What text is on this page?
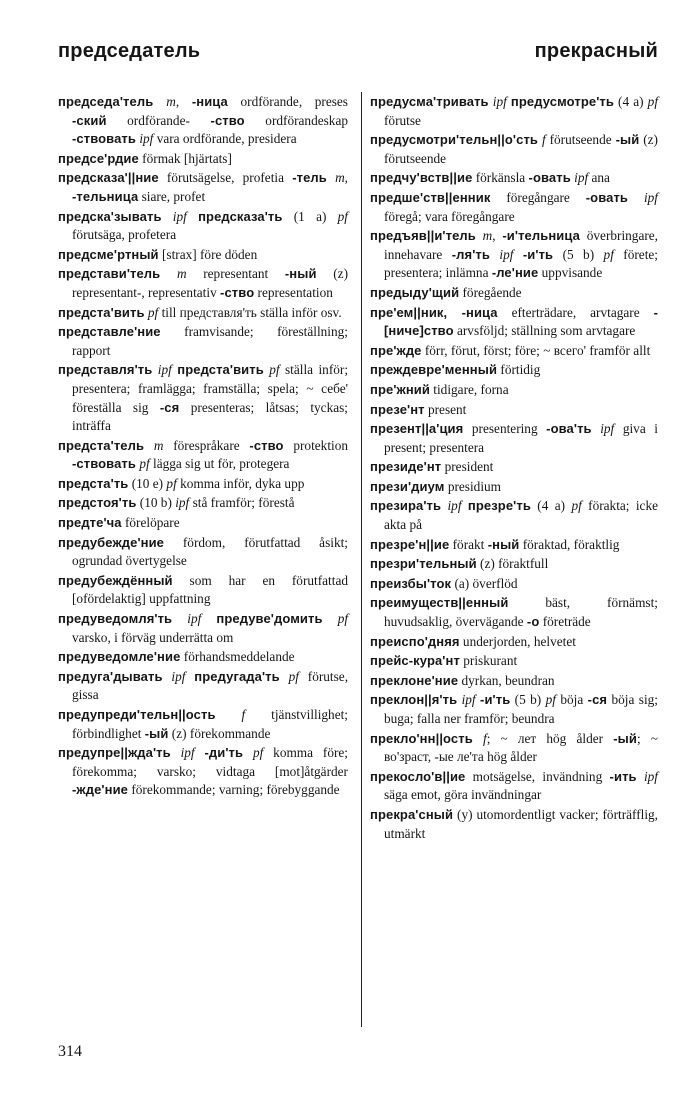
председатель	прекрасный
председа'тель m, -ница ordförande, preses -ский ordförande- -ство ordförandeskap -ствовать ipf vara ordförande, presidera
предсе'рдие förmak [hjärtats]
предсказа'||ние förutsägelse, profetia -тель m, -тельница siare, profet
предска'зывать ipf предсказа'ть (1 a) pf förutsäga, profetera
предсме'ртный [strax] före döden
представи'тель m representant -ный (z) representant-, representativ -ство representation
предста'вить pf till представля'ть ställa inför osv.
представле'ние framvisande; föreställning; rapport
представля'ть ipf предста'вить pf ställa inför; presentera; framlägga; framställa; spela; ~ себе' föreställa sig -ся presenteras; låtsas; tyckas; inträffa
предста'тель m förespråkare -ство protektion -ствовать pf lägga sig ut för, protegera
предста'ть (10 e) pf komma inför, dyka upp
предстоя'ть (10 b) ipf stå framför; förestå
предте'ча förelöpare
предубежде'ние fördom, förutfattad åsikt; ogrundad övertygelse
предубеждённый som har en förutfattad [ofördelaktig] uppfattning
предуведомля'ть ipf предуве'домить pf varsko, i förväg underrätta om
предуведомле'ние förhandsmeddelande
предуга'дывать ipf предугада'ть pf förutse, gissa
предупреди'тельн||ость f tjänstvillighet; förbindlighet -ый (z) förekommande
предупре||жда'ть ipf -ди'ть pf komma före; förekomma; varsko; vidtaga [mot]åtgärder -жде'ние förekommande; varning; förebyggande
предусма'тривать ipf предусмотре'ть (4 a) pf förutse
предусмотри'тельн||о'сть f förutseende -ый (z) förutseende
предчу'вств||ие förkänsla -овать ipf ana
предше'ств||енник föregångare -овать ipf föregå; vara föregångare
предъяв||и'тель m, -и'тельница överbringare, innehavare -ля'ть ipf -и'ть (5 b) pf förete; presentera; inlämna -ле'ние uppvisande
предыду'щий föregående
пре'ем||ник, -ница efterträdare, arvtagare -[ниче]ство arvsföljd; ställning som arvtagare
пре'жде förr, förut, först; före; ~ всего' framför allt
преждевре'менный förtidig
пре'жний tidigare, forna
презе'нт present
презент||а'ция presentering -ова'ть ipf giva i present; presentera
президе'нт president
прези'диум presidium
презира'ть ipf презре'ть (4 a) pf förakta; icke akta på
презре'н||ие förakt -ный föraktad, föraktlig
презри'тельный (z) föraktfull
преизбы'ток (a) överflöd
преимуществ||енный bäst, förnämst; huvudsaklig, övervägande -о företräde
преиспо'дняя underjorden, helvetet
прейс-кура'нт priskurant
преклоне'ние dyrkan, beundran
преклон||я'ть ipf -и'ть (5 b) pf böja -ся böja sig; buga; falla ner framför; beundra
преклo'нн||ость f; ~ лет hög ålder -ый; ~ во'зраст, -ые ле'та hög ålder
прекосло'в||ие motsägelse, invändning -ить ipf säga emot, göra invändningar
прекра'сный (y) utomordentligt vacker; förträfflig, utmärkt
314
